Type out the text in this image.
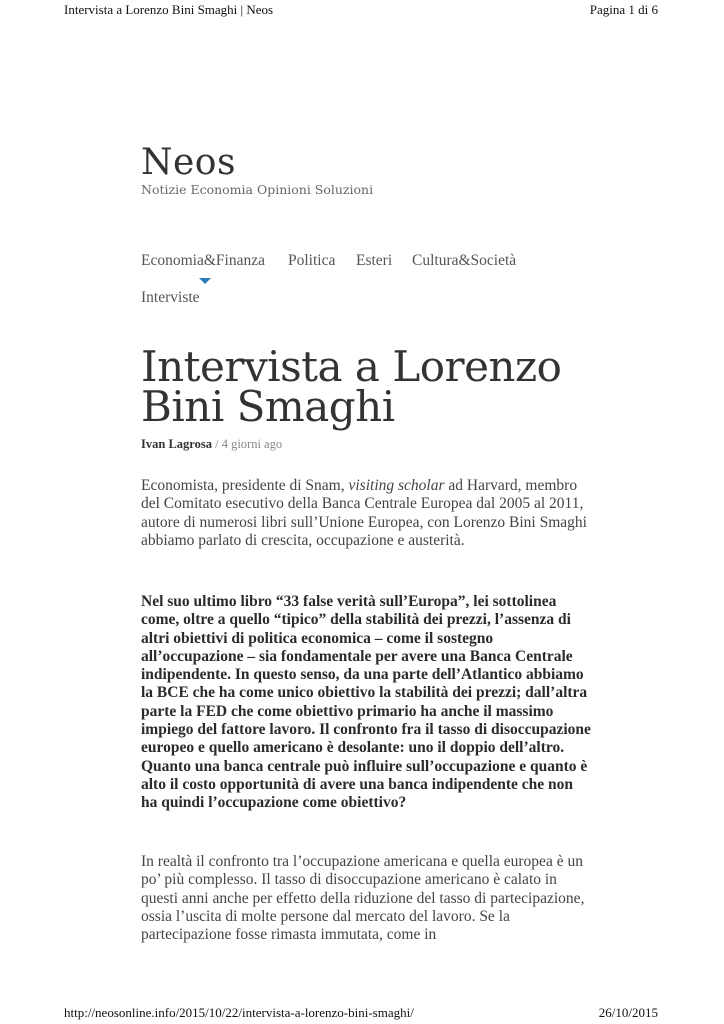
Intervista a Lorenzo Bini Smaghi | Neos	Pagina 1 di 6
Neos
Notizie Economia Opinioni Soluzioni
Economia&Finanza Politica Esteri Cultura&Società
Interviste
Intervista a Lorenzo Bini Smaghi
Ivan Lagrosa / 4 giorni ago

Economista, presidente di Snam, visiting scholar ad Harvard, membro del Comitato esecutivo della Banca Centrale Europea dal 2005 al 2011, autore di numerosi libri sull’Unione Europea, con Lorenzo Bini Smaghi abbiamo parlato di crescita, occupazione e austerità.

Nel suo ultimo libro “33 false verità sull’Europa”, lei sottolinea come, oltre a quello “tipico” della stabilità dei prezzi, l’assenza di altri obiettivi di politica economica – come il sostegno all’occupazione – sia fondamentale per avere una Banca Centrale indipendente. In questo senso, da una parte dell’Atlantico abbiamo la BCE che ha come unico obiettivo la stabilità dei prezzi; dall’altra parte la FED che come obiettivo primario ha anche il massimo impiego del fattore lavoro. Il confronto fra il tasso di disoccupazione europeo e quello americano è desolante: uno il doppio dell’altro. Quanto una banca centrale può influire sull’occupazione e quanto è alto il costo opportunità di avere una banca indipendente che non ha quindi l’occupazione come obiettivo?

In realtà il confronto tra l’occupazione americana e quella europea è un po’ più complesso. Il tasso di disoccupazione americano è calato in questi anni anche per effetto della riduzione del tasso di partecipazione, ossia l’uscita di molte persone dal mercato del lavoro. Se la partecipazione fosse rimasta immutata, come in

http://neosonline.info/2015/10/22/intervista-a-lorenzo-bini-smaghi/	26/10/2015
